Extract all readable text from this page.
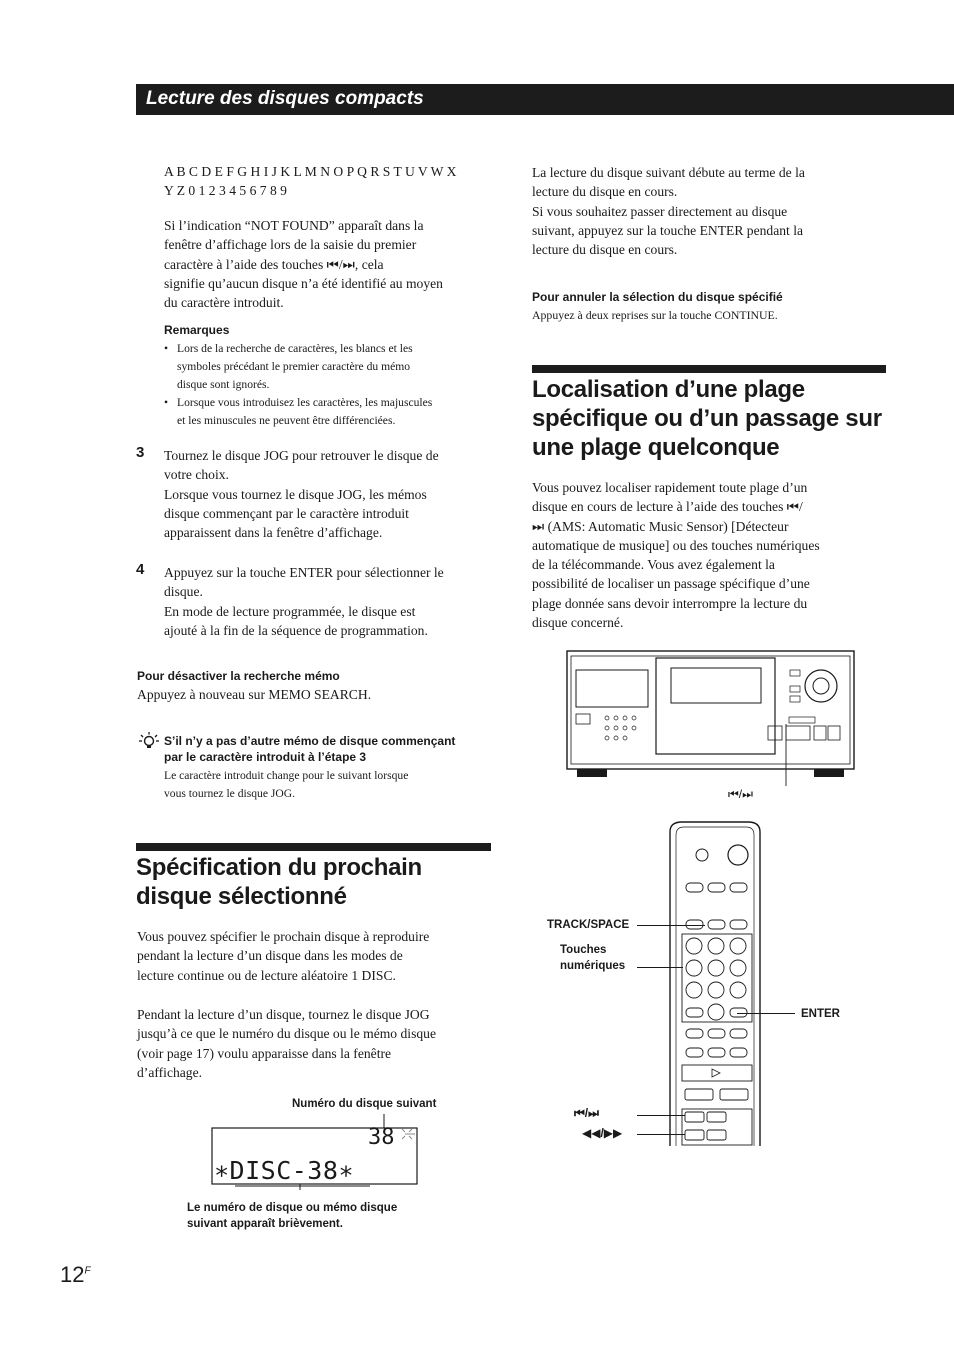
Lecture des disques compacts

A B C D E F G H I J K L M N O P Q R S T U V W X

Y Z 0 1 2 3 4 5 6 7 8 9

Si l’indication “NOT FOUND” apparaît dans la

fenêtre d’affichage lors de la saisie du premier

caractère à l’aide des touches ⏮/⏭, cela

signifie qu’aucun disque n’a été identifié au moyen

du caractère introduit.

Remarques

• Lors de la recherche de caractères, les blancs et les

symboles précédant le premier caractère du mémo

disque sont ignorés.

• Lorsque vous introduisez les caractères, les majuscules

et les minuscules ne peuvent être différenciées.

3 Tournez le disque JOG pour retrouver le disque de

votre choix.

Lorsque vous tournez le disque JOG, les mémos

disque commençant par le caractère introduit

apparaissent dans la fenêtre d’affichage.

4 Appuyez sur la touche ENTER pour sélectionner le

disque.

En mode de lecture programmée, le disque est

ajouté à la fin de la séquence de programmation.

Pour désactiver la recherche mémo
Appuyez à nouveau sur MEMO SEARCH.

S’il n’y a pas d’autre mémo de disque commençant

par le caractère introduit à l’étape 3

Le caractère introduit change pour le suivant lorsque

vous tournez le disque JOG.

Spécification du prochain

disque sélectionné

Vous pouvez spécifier le prochain disque à reproduire

pendant la lecture d’un disque dans les modes de

lecture continue ou de lecture aléatoire 1 DISC.

Pendant la lecture d’un disque, tournez le disque JOG

jusqu’à ce que le numéro du disque ou le mémo disque

(voir page 17) voulu apparaisse dans la fenêtre

d’affichage.

Numéro du disque suivant
38
∗DISC-38∗

Le numéro de disque ou mémo disque

suivant apparaît brièvement.

La lecture du disque suivant débute au terme de la

lecture du disque en cours.

Si vous souhaitez passer directement au disque

suivant, appuyez sur la touche ENTER pendant la

lecture du disque en cours.

Pour annuler la sélection du disque spécifié
Appuyez à deux reprises sur la touche CONTINUE.

Localisation d’une plage

spécifique ou d’un passage sur

une plage quelconque

Vous pouvez localiser rapidement toute plage d’un

disque en cours de lecture à l’aide des touches ⏮/

⏭ (AMS: Automatic Music Sensor) [Détecteur

automatique de musique] ou des touches numériques

de la télécommande. Vous avez également la

possibilité de localiser un passage spécifique d’une

plage donnée sans devoir interrompre la lecture du

disque concerné.

⏮/⏭
TRACK/SPACE

Touches

numériques

ENTER
⏮/⏭
◀◀/▶▶
$12^F$
